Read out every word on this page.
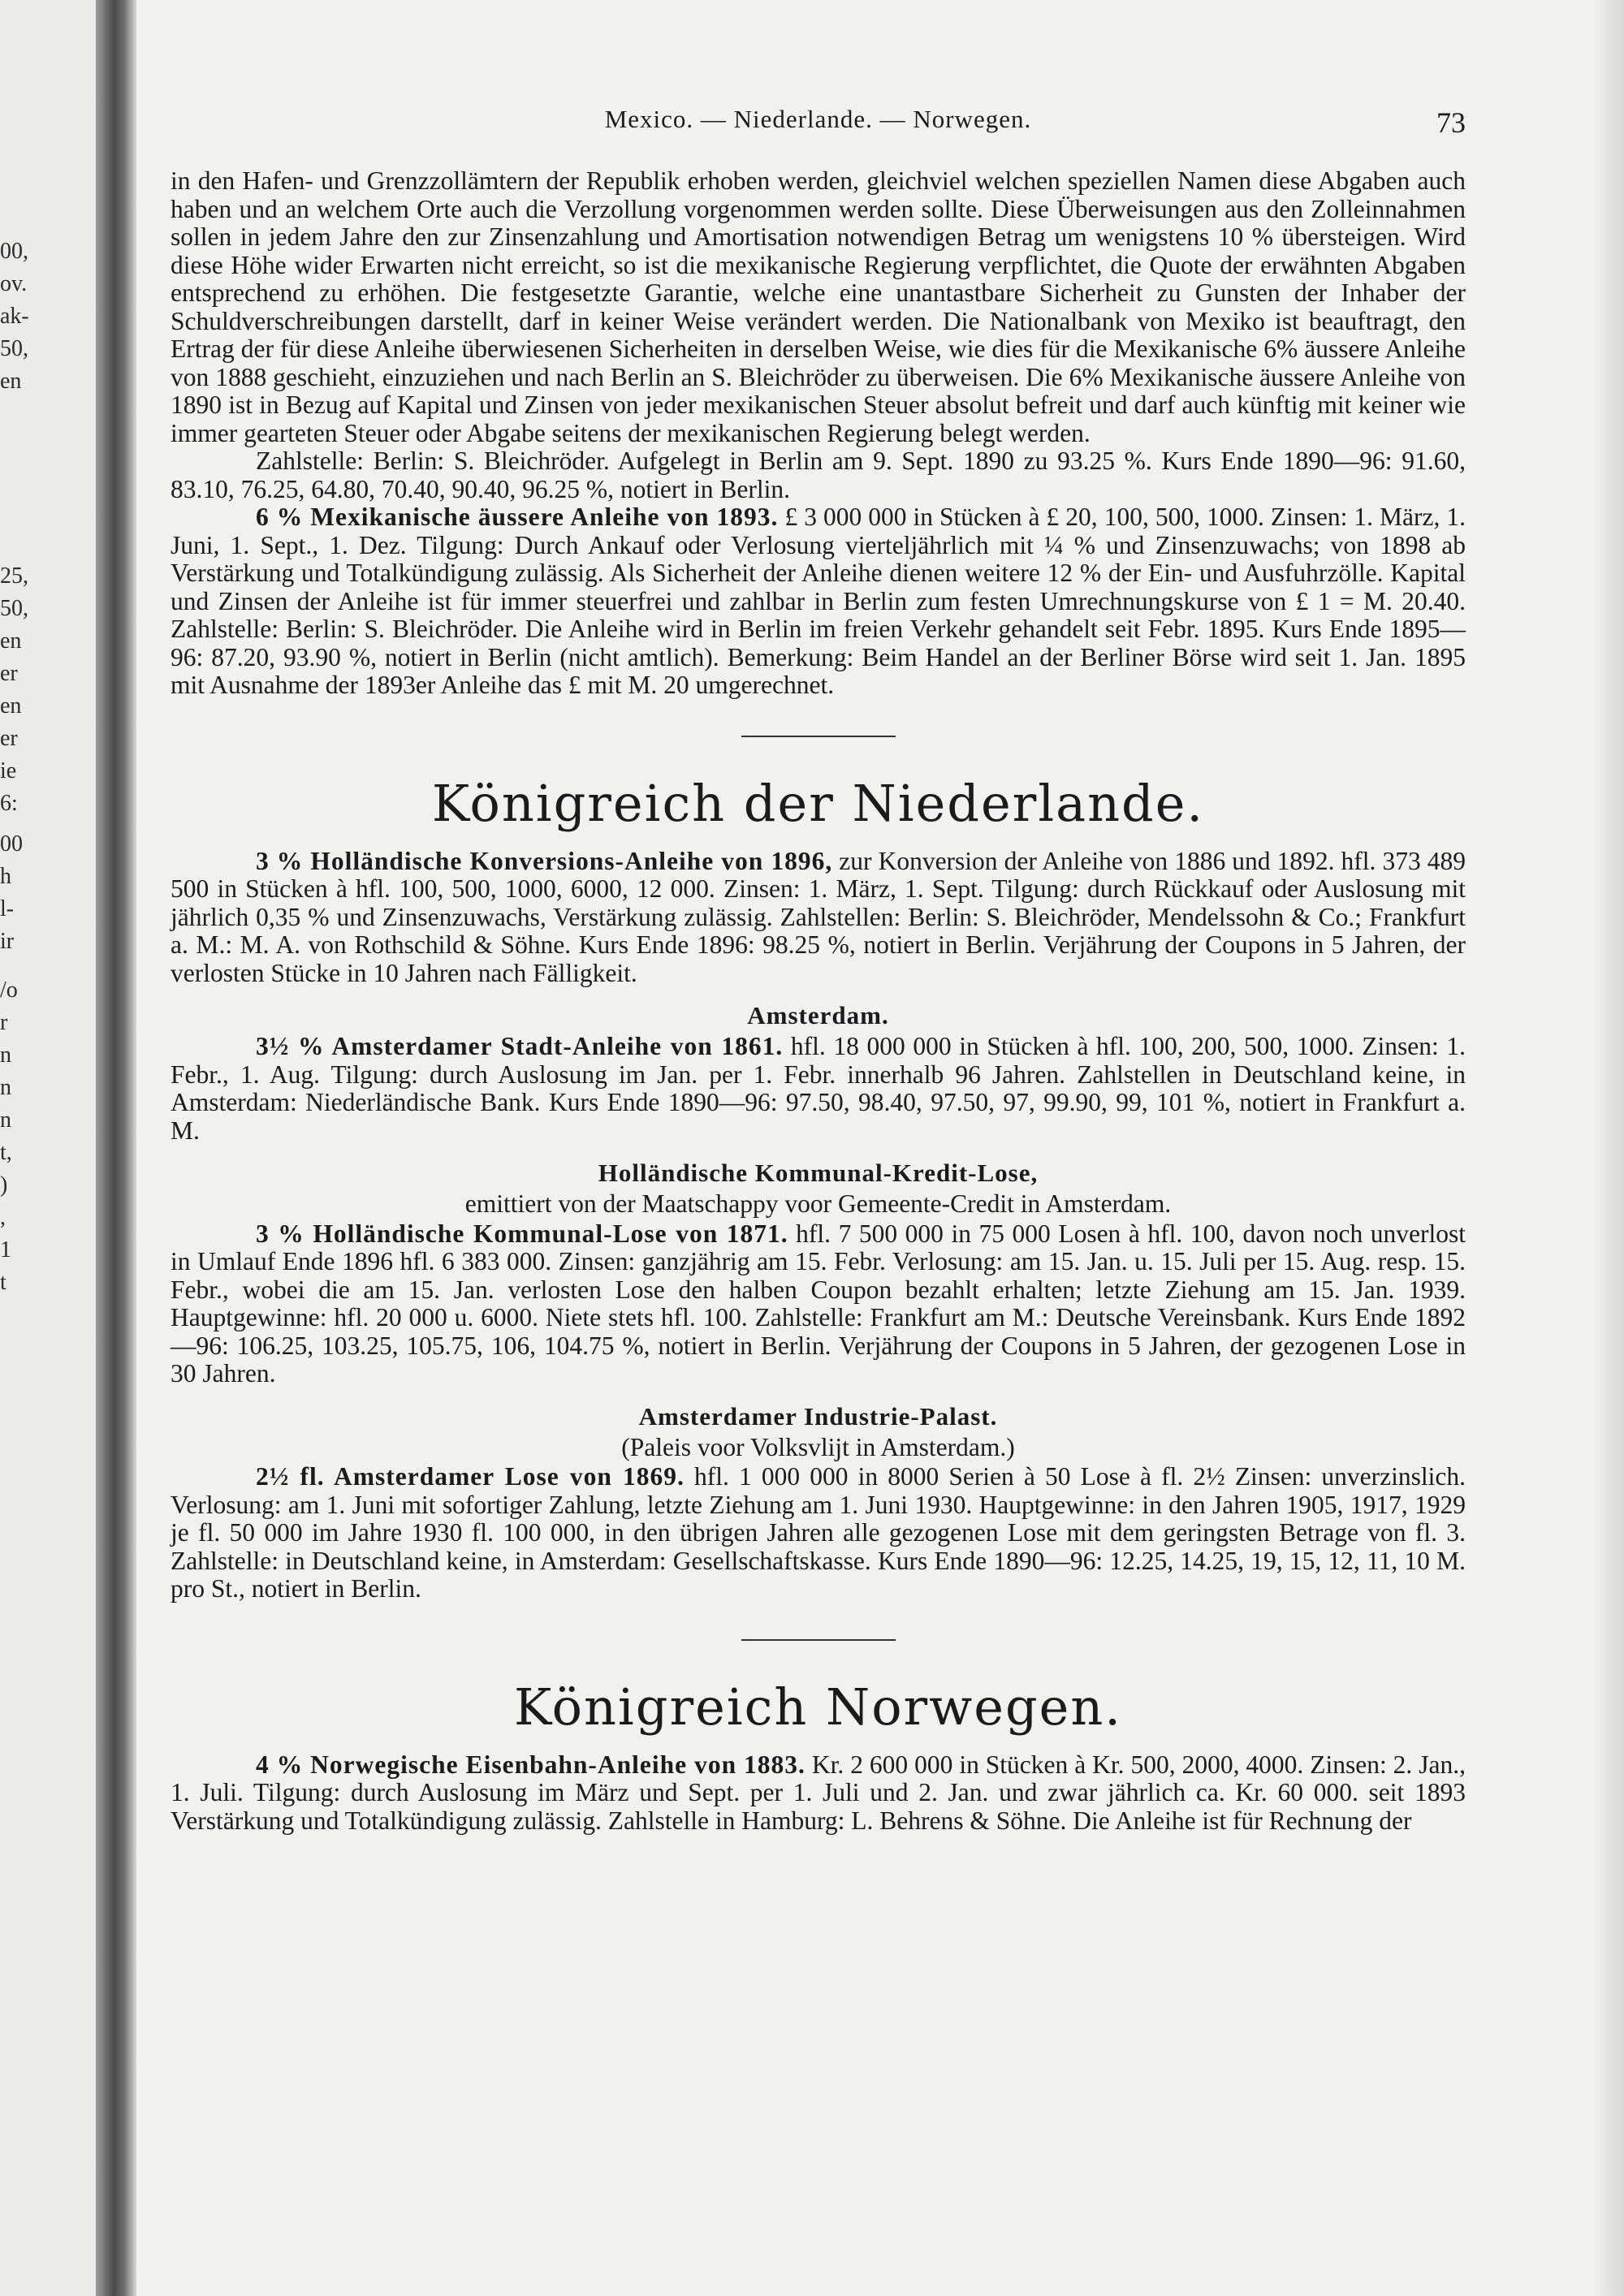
00,
ov.
ak-
50,
en
25,
50,
en
er
en
er
ie
6:
00
h
l-
ir
/o
r
n
n
n
t,
)
,
1
t
Mexico. — Niederlande. — Norwegen.	73

in den Hafen- und Grenzzollämtern der Republik erhoben werden, gleichviel welchen speziellen Namen diese Abgaben auch haben und an welchem Orte auch die Verzollung vorgenommen werden sollte. Diese Überweisungen aus den Zolleinnahmen sollen in jedem Jahre den zur Zinsenzahlung und Amortisation notwendigen Betrag um wenigstens 10 % übersteigen. Wird diese Höhe wider Erwarten nicht erreicht, so ist die mexikanische Regierung verpflichtet, die Quote der erwähnten Abgaben entsprechend zu erhöhen. Die festgesetzte Garantie, welche eine unantastbare Sicherheit zu Gunsten der Inhaber der Schuldverschreibungen darstellt, darf in keiner Weise verändert werden. Die Nationalbank von Mexiko ist beauftragt, den Ertrag der für diese Anleihe überwiesenen Sicherheiten in derselben Weise, wie dies für die Mexikanische 6% äussere Anleihe von 1888 geschieht, einzuziehen und nach Berlin an S. Bleichröder zu überweisen. Die 6% Mexikanische äussere Anleihe von 1890 ist in Bezug auf Kapital und Zinsen von jeder mexikanischen Steuer absolut befreit und darf auch künftig mit keiner wie immer gearteten Steuer oder Abgabe seitens der mexikanischen Regierung belegt werden.

Zahlstelle: Berlin: S. Bleichröder. Aufgelegt in Berlin am 9. Sept. 1890 zu 93.25 %. Kurs Ende 1890—96: 91.60, 83.10, 76.25, 64.80, 70.40, 90.40, 96.25 %, notiert in Berlin.

6 % Mexikanische äussere Anleihe von 1893. £ 3 000 000 in Stücken à £ 20, 100, 500, 1000. Zinsen: 1. März, 1. Juni, 1. Sept., 1. Dez. Tilgung: Durch Ankauf oder Verlosung vierteljährlich mit ¼ % und Zinsenzuwachs; von 1898 ab Verstärkung und Totalkündigung zulässig. Als Sicherheit der Anleihe dienen weitere 12 % der Ein- und Ausfuhrzölle. Kapital und Zinsen der Anleihe ist für immer steuerfrei und zahlbar in Berlin zum festen Umrechnungskurse von £ 1 = M. 20.40. Zahlstelle: Berlin: S. Bleichröder. Die Anleihe wird in Berlin im freien Verkehr gehandelt seit Febr. 1895. Kurs Ende 1895—96: 87.20, 93.90 %, notiert in Berlin (nicht amtlich). Bemerkung: Beim Handel an der Berliner Börse wird seit 1. Jan. 1895 mit Ausnahme der 1893er Anleihe das £ mit M. 20 umgerechnet.

Königreich der Niederlande.

3 % Holländische Konversions-Anleihe von 1896, zur Konversion der Anleihe von 1886 und 1892. hfl. 373 489 500 in Stücken à hfl. 100, 500, 1000, 6000, 12 000. Zinsen: 1. März, 1. Sept. Tilgung: durch Rückkauf oder Auslosung mit jährlich 0,35 % und Zinsenzuwachs, Verstärkung zulässig. Zahlstellen: Berlin: S. Bleichröder, Mendelssohn & Co.; Frankfurt a. M.: M. A. von Rothschild & Söhne. Kurs Ende 1896: 98.25 %, notiert in Berlin. Verjährung der Coupons in 5 Jahren, der verlosten Stücke in 10 Jahren nach Fälligkeit.

Amsterdam.

3½ % Amsterdamer Stadt-Anleihe von 1861. hfl. 18 000 000 in Stücken à hfl. 100, 200, 500, 1000. Zinsen: 1. Febr., 1. Aug. Tilgung: durch Auslosung im Jan. per 1. Febr. innerhalb 96 Jahren. Zahlstellen in Deutschland keine, in Amsterdam: Niederländische Bank. Kurs Ende 1890—96: 97.50, 98.40, 97.50, 97, 99.90, 99, 101 %, notiert in Frankfurt a. M.

Holländische Kommunal-Kredit-Lose,
emittiert von der Maatschappy voor Gemeente-Credit in Amsterdam.

3 % Holländische Kommunal-Lose von 1871. hfl. 7 500 000 in 75 000 Losen à hfl. 100, davon noch unverlost in Umlauf Ende 1896 hfl. 6 383 000. Zinsen: ganzjährig am 15. Febr. Verlosung: am 15. Jan. u. 15. Juli per 15. Aug. resp. 15. Febr., wobei die am 15. Jan. verlosten Lose den halben Coupon bezahlt erhalten; letzte Ziehung am 15. Jan. 1939. Hauptgewinne: hfl. 20 000 u. 6000. Niete stets hfl. 100. Zahlstelle: Frankfurt am M.: Deutsche Vereinsbank. Kurs Ende 1892—96: 106.25, 103.25, 105.75, 106, 104.75 %, notiert in Berlin. Verjährung der Coupons in 5 Jahren, der gezogenen Lose in 30 Jahren.

Amsterdamer Industrie-Palast.
(Paleis voor Volksvlijt in Amsterdam.)

2½ fl. Amsterdamer Lose von 1869. hfl. 1 000 000 in 8000 Serien à 50 Lose à fl. 2½ Zinsen: unverzinslich. Verlosung: am 1. Juni mit sofortiger Zahlung, letzte Ziehung am 1. Juni 1930. Hauptgewinne: in den Jahren 1905, 1917, 1929 je fl. 50 000 im Jahre 1930 fl. 100 000, in den übrigen Jahren alle gezogenen Lose mit dem geringsten Betrage von fl. 3. Zahlstelle: in Deutschland keine, in Amsterdam: Gesellschaftskasse. Kurs Ende 1890—96: 12.25, 14.25, 19, 15, 12, 11, 10 M. pro St., notiert in Berlin.

Königreich Norwegen.

4 % Norwegische Eisenbahn-Anleihe von 1883. Kr. 2 600 000 in Stücken à Kr. 500, 2000, 4000. Zinsen: 2. Jan., 1. Juli. Tilgung: durch Auslosung im März und Sept. per 1. Juli und 2. Jan. und zwar jährlich ca. Kr. 60 000. seit 1893 Verstärkung und Totalkündigung zulässig. Zahlstelle in Hamburg: L. Behrens & Söhne. Die Anleihe ist für Rechnung der
